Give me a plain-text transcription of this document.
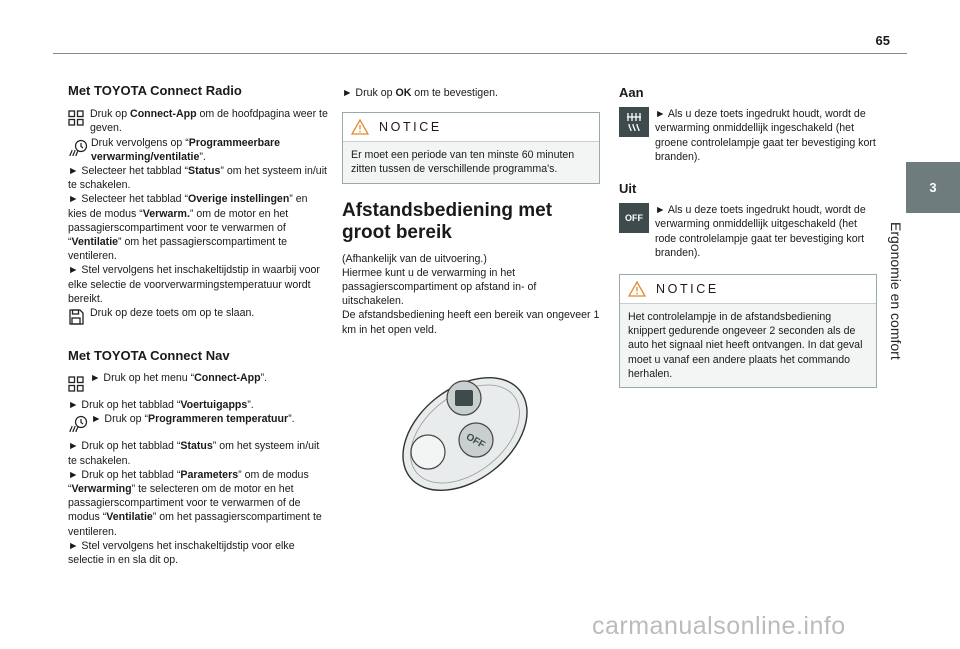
65
3
Ergonomie en comfort
Met TOYOTA Connect Radio

Druk op Connect-App om de hoofdpagina weer te geven.

Druk vervolgens op “Programmeerbare verwarming/ventilatie”.

► Selecteer het tabblad “Status” om het systeem in/uit te schakelen.

► Selecteer het tabblad “Overige instellingen” en kies de modus “Verwarm.” om de motor en het passagierscompartiment voor te verwarmen of “Ventilatie” om het passagierscompartiment te ventileren.

► Stel vervolgens het inschakeltijdstip in waarbij voor elke selectie de voorverwarmingstemperatuur wordt bereikt.

Druk op deze toets om op te slaan.

Met TOYOTA Connect Nav

► Druk op het menu “Connect-App”.

► Druk op het tabblad “Voertuigapps”.

► Druk op “Programmeren temperatuur”.

► Druk op het tabblad “Status” om het systeem in/uit te schakelen.

► Druk op het tabblad “Parameters” om de modus “Verwarming” te selecteren om de motor en het passagierscompartiment voor te verwarmen of de modus “Ventilatie” om het passagierscompartiment te ventileren.

► Stel vervolgens het inschakeltijdstip voor elke selectie in en sla dit op.

► Druk op OK om te bevestigen.

NOTICE
Er moet een periode van ten minste 60 minuten zitten tussen de verschillende programma's.
Afstandsbediening met groot bereik

(Afhankelijk van de uitvoering.)

Hiermee kunt u de verwarming in het passagierscompartiment op afstand in- of uitschakelen.

De afstandsbediening heeft een bereik van ongeveer 1 km in het open veld.

OFF
Aan

► Als u deze toets ingedrukt houdt, wordt de verwarming onmiddellijk ingeschakeld (het groene controlelampje gaat ter bevestiging kort branden).

Uit
OFF

► Als u deze toets ingedrukt houdt, wordt de verwarming onmiddellijk uitgeschakeld (het rode controlelampje gaat ter bevestiging kort branden).

NOTICE

Het controlelampje in de afstandsbediening knippert gedurende ongeveer 2 seconden als de auto het signaal niet heeft ontvangen. In dat geval

moet u vanaf een andere plaats het commando herhalen.

carmanualsonline.info
